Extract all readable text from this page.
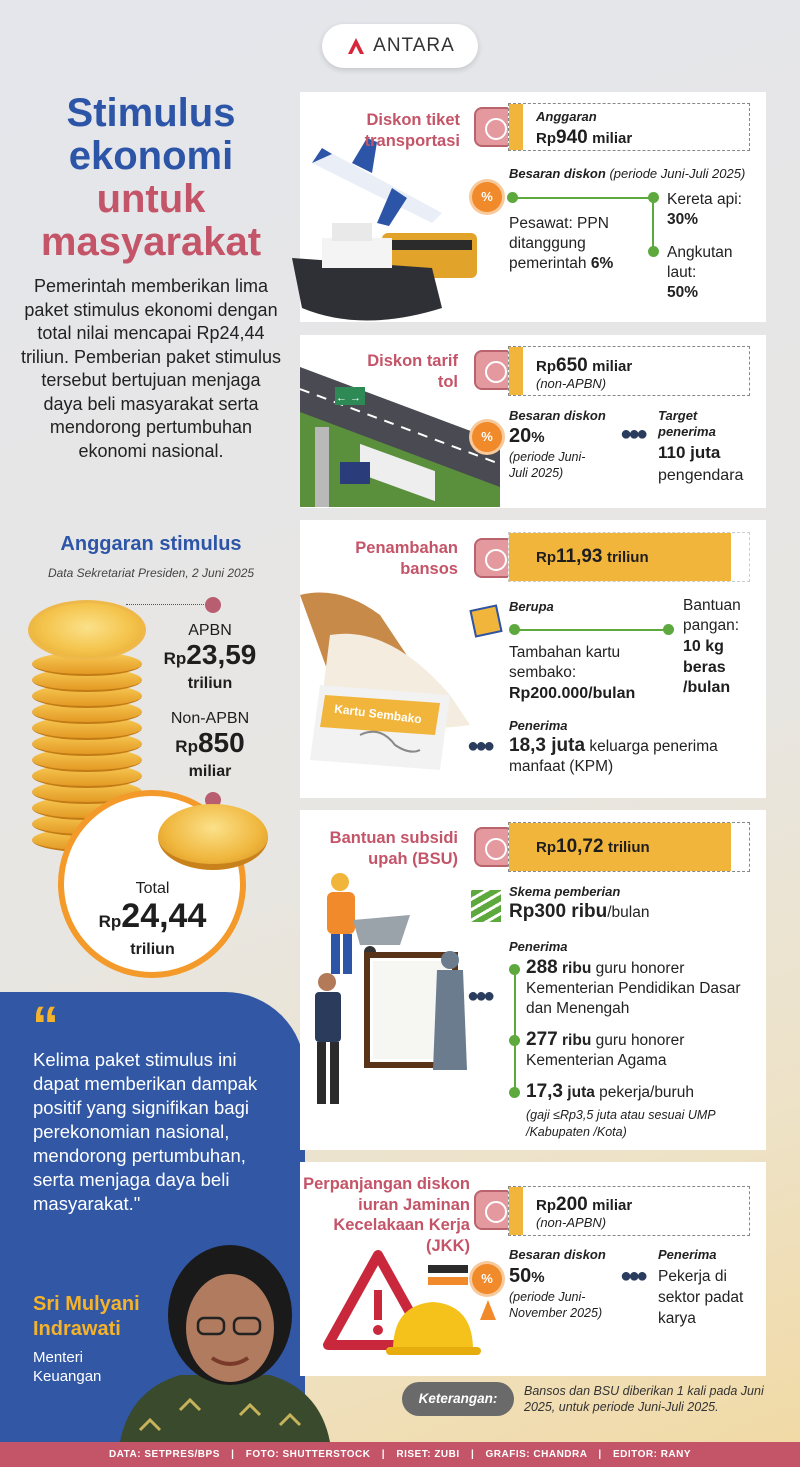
ANTARA
Stimulus
ekonomi
untuk
masyarakat
Pemerintah memberikan lima paket stimulus ekonomi dengan total nilai mencapai Rp24,44 triliun. Pemberian paket stimulus tersebut bertujuan menjaga daya beli masyarakat serta mendorong pertumbuhan ekonomi nasional.
Anggaran stimulus
Data Sekretariat Presiden, 2 Juni 2025
APBN
Rp23,59
triliun
Non-APBN
Rp850
miliar
Total
Rp24,44
triliun
“
Kelima paket stimulus ini dapat memberikan dampak positif yang signifikan bagi perekonomian nasional, mendorong pertumbuhan, serta menjaga daya beli masyarakat."
Sri Mulyani Indrawati
Menteri Keuangan
Diskon tiket transportasi
Anggaran
Rp940 miliar
%
Besaran diskon (periode Juni-Juli 2025)
Pesawat: PPN ditanggung pemerintah 6%
Kereta api:
30%
Angkutan laut:
50%
← →
Diskon tarif tol
Rp650 miliar
(non-APBN)
%
Besaran diskon
20%
(periode Juni-Juli 2025)
●●●
Target penerima
110 juta
pengendara
Kartu Sembako
Penambahan bansos
Rp11,93 triliun
Berupa
Tambahan kartu sembako:
Rp200.000/bulan
Bantuan pangan:
10 kg beras /bulan
●●●
Penerima
18,3 juta keluarga penerima manfaat (KPM)
Bantuan subsidi upah (BSU)
Rp10,72 triliun
Skema pemberian
Rp300 ribu/bulan
Penerima
●●●
288 ribu guru honorer Kementerian Pendidikan Dasar dan Menengah
277 ribu guru honorer Kementerian Agama
17,3 juta pekerja/buruh
(gaji ≤Rp3,5 juta atau sesuai UMP /Kabupaten /Kota)
Perpanjangan diskon iuran Jaminan Kecelakaan Kerja (JKK)
Rp200 miliar
(non-APBN)
%
Besaran diskon
50%
(periode Juni-November 2025)
●●●
Penerima
Pekerja di sektor padat karya
Keterangan:	Bansos dan BSU diberikan 1 kali pada Juni 2025, untuk periode Juni-Juli 2025.
DATA: SETPRES/BPS | FOTO: SHUTTERSTOCK | RISET: ZUBI | GRAFIS: CHANDRA | EDITOR: RANY
